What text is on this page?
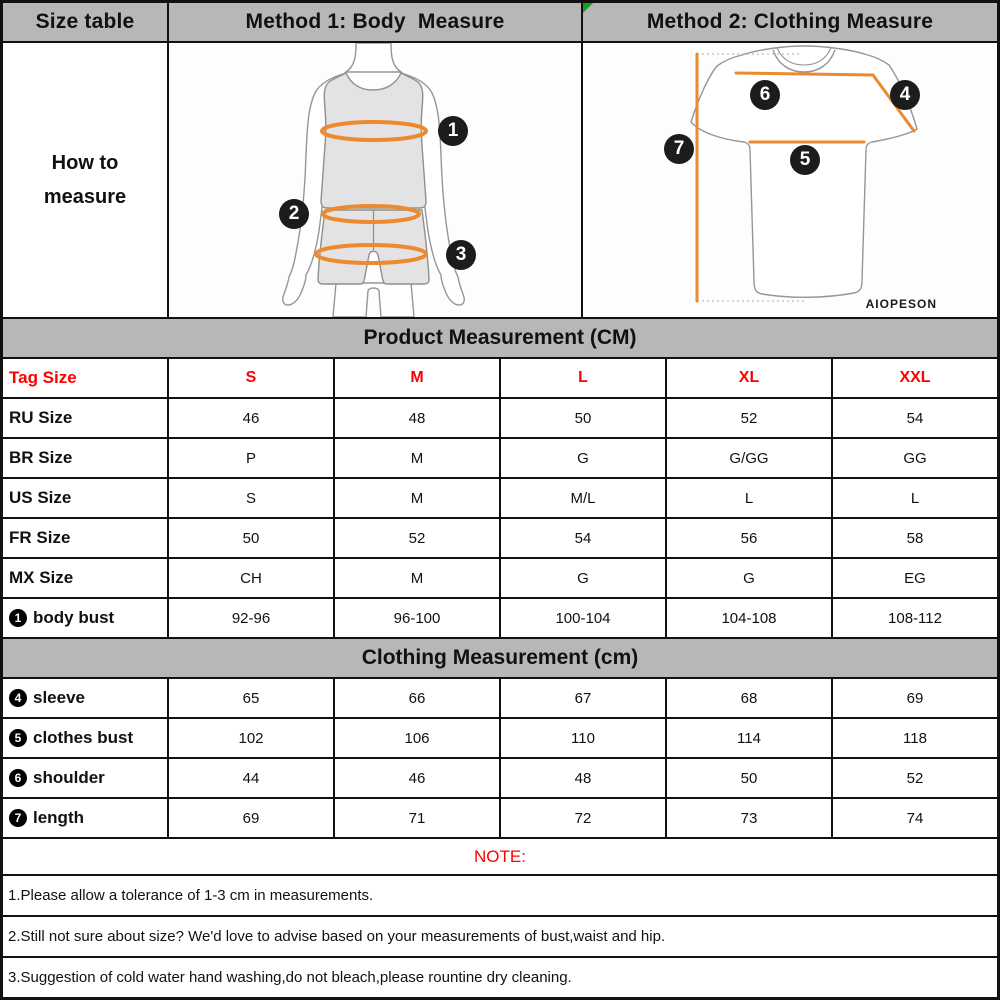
Size table	Method 1: Body  Measure	Method 2: Clothing Measure
How to
measure
1
2
3
6	4
7
5
AIOPESON
Product Measurement (CM)
Tag Size	S	M	L	XL	XXL
RU Size	46	48	50	52	54
BR Size	P	M	G	G/GG	GG
US Size	S	M	M/L	L	L
FR Size	50	52	54	56	58
MX Size	CH	M	G	G	EG
1 body bust	92-96	96-100	100-104	104-108	108-112
Clothing Measurement (cm)
4 sleeve	65	66	67	68	69
5 clothes bust	102	106	110	114	118
6 shoulder	44	46	48	50	52
7 length	69	71	72	73	74
NOTE:
1.Please allow a tolerance of 1-3 cm in measurements.
2.Still not sure about size? We'd love to advise based on your measurements of bust,waist and hip.
3.Suggestion of cold water hand washing,do not bleach,please rountine dry cleaning.
